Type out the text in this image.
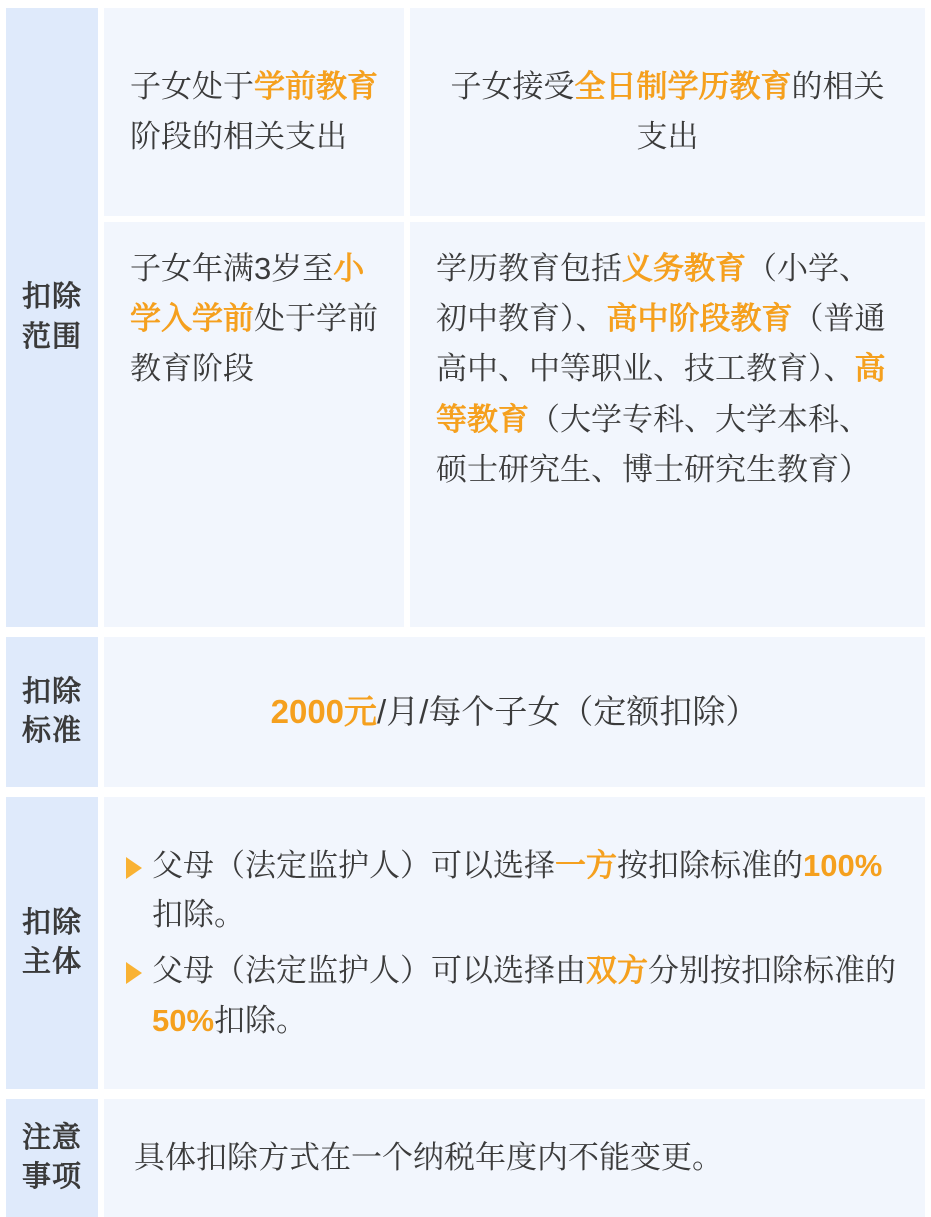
扣除
范围
子女处于学前教育阶段的相关支出
子女接受全日制学历教育的相关支出
子女年满3岁至小学入学前处于学前教育阶段
学历教育包括义务教育（小学、初中教育）、高中阶段教育（普通高中、中等职业、技工教育）、高等教育（大学专科、大学本科、硕士研究生、博士研究生教育）
扣除
标准
2000元/月/每个子女（定额扣除）
扣除
主体
父母（法定监护人）可以选择一方按扣除标准的100%扣除。
父母（法定监护人）可以选择由双方分别按扣除标准的50%扣除。
注意
事项
具体扣除方式在一个纳税年度内不能变更。
